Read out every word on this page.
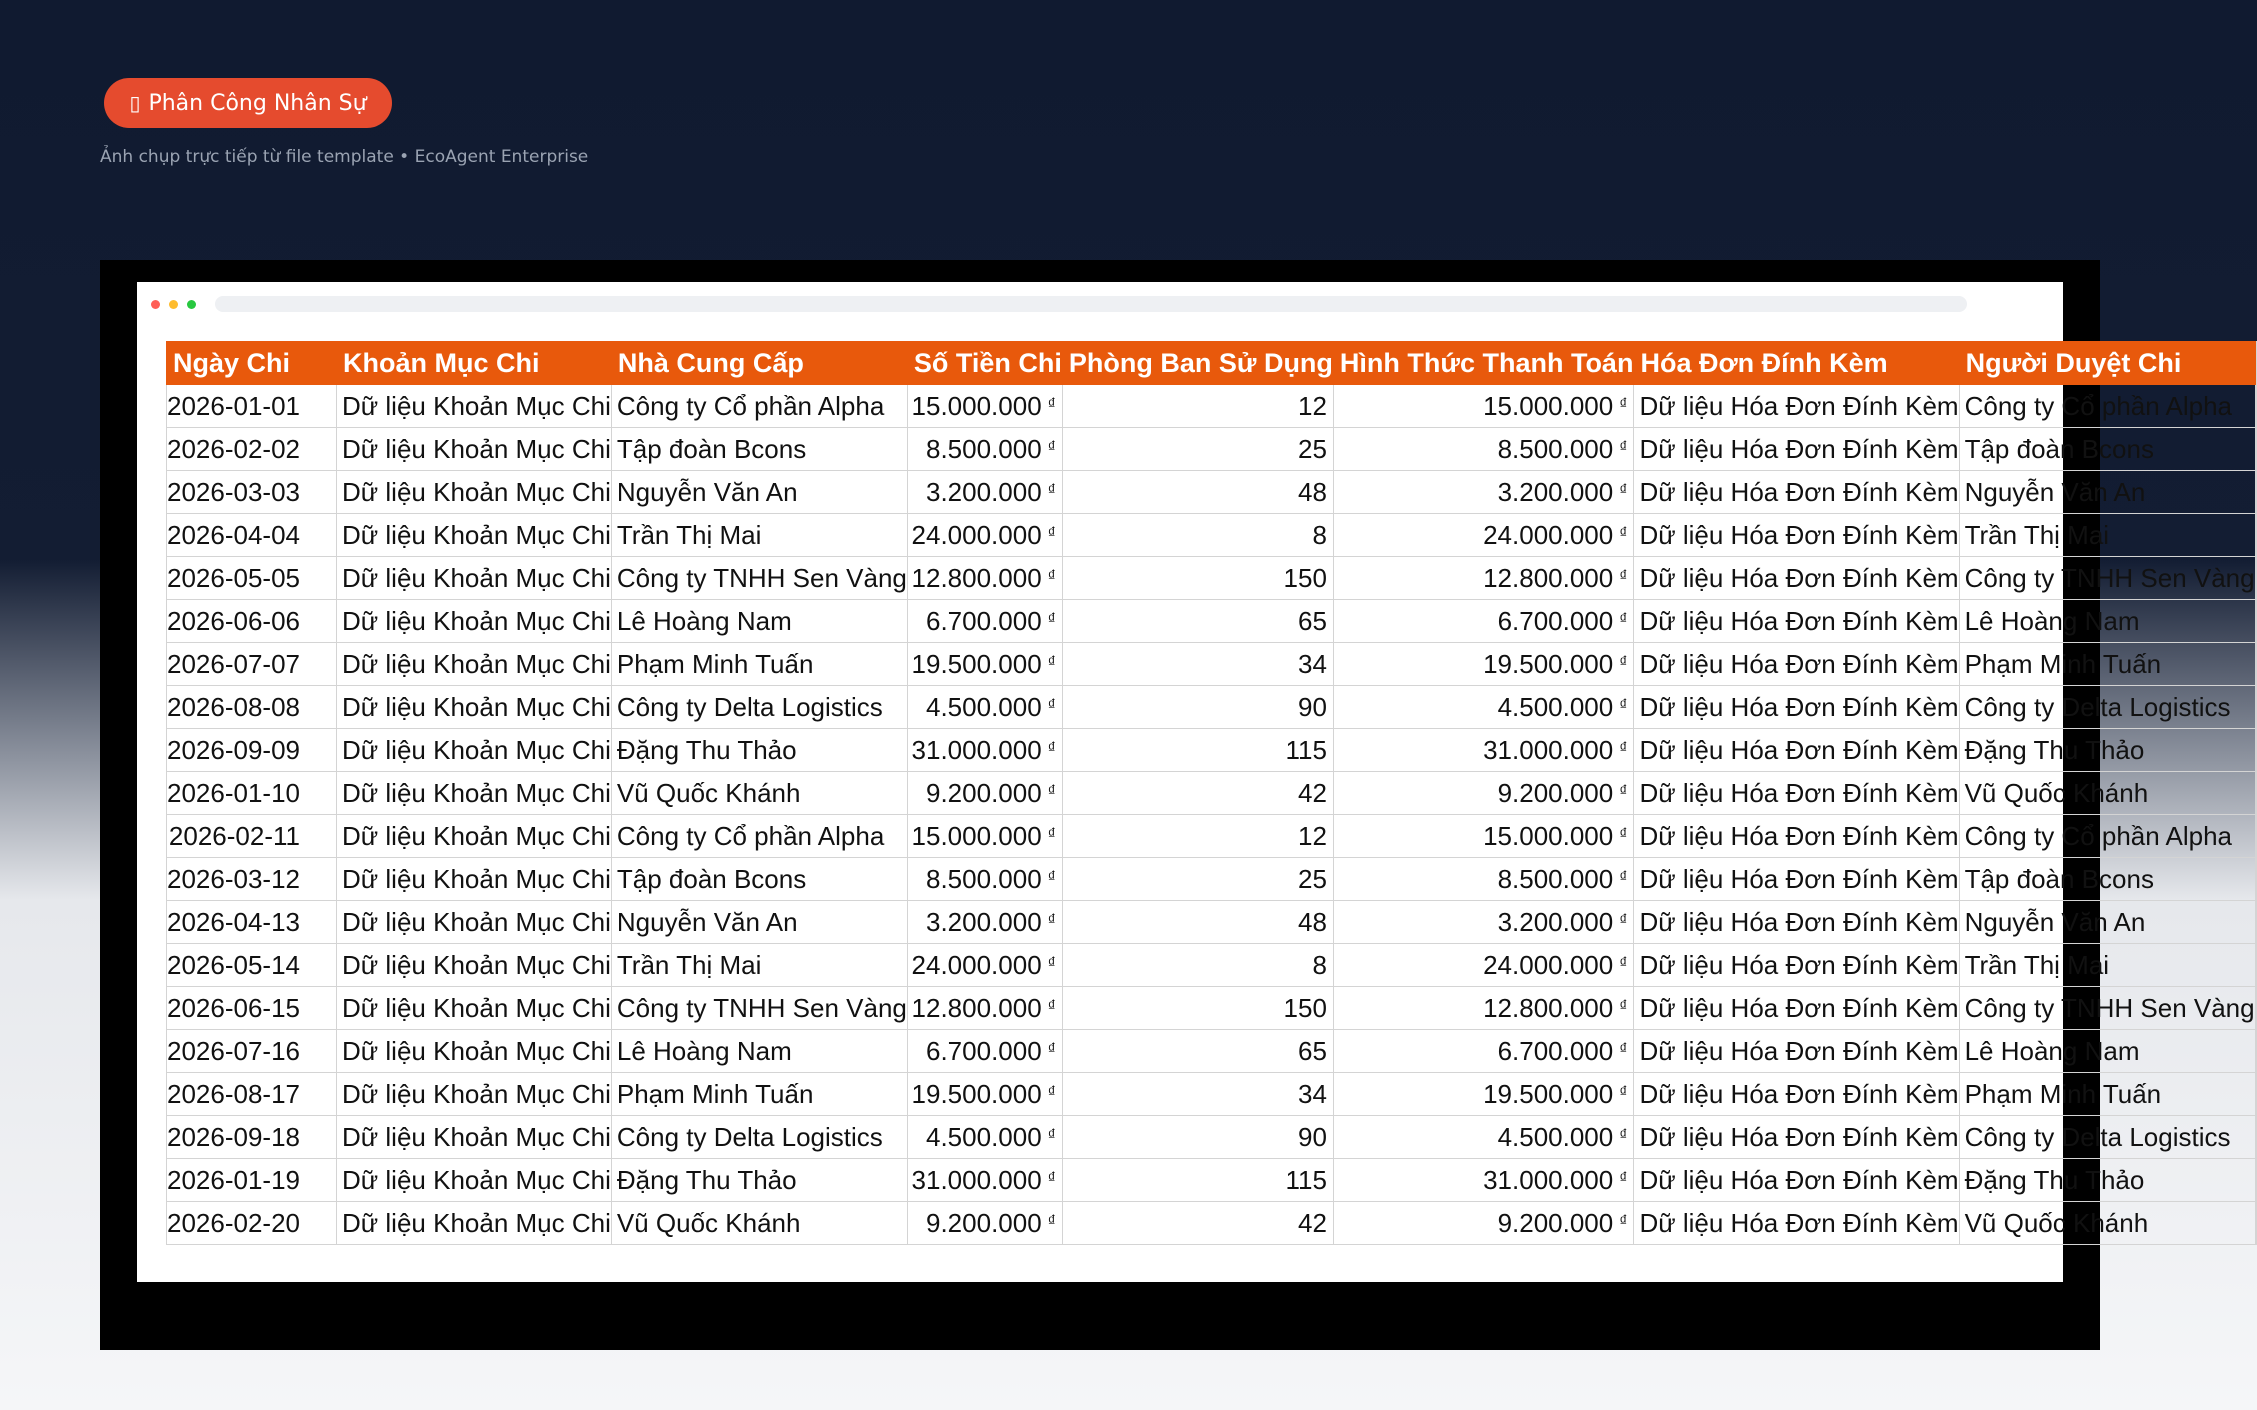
▯ Phân Công Nhân Sự
Ảnh chụp trực tiếp từ file template • EcoAgent Enterprise
Ngày Chi	Khoản Mục Chi	Nhà Cung Cấp	Số Tiền Chi	Phòng Ban Sử Dụng	Hình Thức Thanh Toán	Hóa Đơn Đính Kèm	Người Duyệt Chi	
2026-01-01	Dữ liệu Khoản Mục Chi	Công ty Cổ phần Alpha	15.000.000 ₫	12	15.000.000 ₫	Dữ liệu Hóa Đơn Đính Kèm	Công ty Cổ phần Alpha	
2026-02-02	Dữ liệu Khoản Mục Chi	Tập đoàn Bcons	8.500.000 ₫	25	8.500.000 ₫	Dữ liệu Hóa Đơn Đính Kèm	Tập đoàn Bcons	
2026-03-03	Dữ liệu Khoản Mục Chi	Nguyễn Văn An	3.200.000 ₫	48	3.200.000 ₫	Dữ liệu Hóa Đơn Đính Kèm	Nguyễn Văn An	
2026-04-04	Dữ liệu Khoản Mục Chi	Trần Thị Mai	24.000.000 ₫	8	24.000.000 ₫	Dữ liệu Hóa Đơn Đính Kèm	Trần Thị Mai	
2026-05-05	Dữ liệu Khoản Mục Chi	Công ty TNHH Sen Vàng	12.800.000 ₫	150	12.800.000 ₫	Dữ liệu Hóa Đơn Đính Kèm	Công ty TNHH Sen Vàng	
2026-06-06	Dữ liệu Khoản Mục Chi	Lê Hoàng Nam	6.700.000 ₫	65	6.700.000 ₫	Dữ liệu Hóa Đơn Đính Kèm	Lê Hoàng Nam	
2026-07-07	Dữ liệu Khoản Mục Chi	Phạm Minh Tuấn	19.500.000 ₫	34	19.500.000 ₫	Dữ liệu Hóa Đơn Đính Kèm	Phạm Minh Tuấn	
2026-08-08	Dữ liệu Khoản Mục Chi	Công ty Delta Logistics	4.500.000 ₫	90	4.500.000 ₫	Dữ liệu Hóa Đơn Đính Kèm	Công ty Delta Logistics	
2026-09-09	Dữ liệu Khoản Mục Chi	Đặng Thu Thảo	31.000.000 ₫	115	31.000.000 ₫	Dữ liệu Hóa Đơn Đính Kèm	Đặng Thu Thảo	
2026-01-10	Dữ liệu Khoản Mục Chi	Vũ Quốc Khánh	9.200.000 ₫	42	9.200.000 ₫	Dữ liệu Hóa Đơn Đính Kèm	Vũ Quốc Khánh	
2026-02-11	Dữ liệu Khoản Mục Chi	Công ty Cổ phần Alpha	15.000.000 ₫	12	15.000.000 ₫	Dữ liệu Hóa Đơn Đính Kèm	Công ty Cổ phần Alpha	
2026-03-12	Dữ liệu Khoản Mục Chi	Tập đoàn Bcons	8.500.000 ₫	25	8.500.000 ₫	Dữ liệu Hóa Đơn Đính Kèm	Tập đoàn Bcons	
2026-04-13	Dữ liệu Khoản Mục Chi	Nguyễn Văn An	3.200.000 ₫	48	3.200.000 ₫	Dữ liệu Hóa Đơn Đính Kèm	Nguyễn Văn An	
2026-05-14	Dữ liệu Khoản Mục Chi	Trần Thị Mai	24.000.000 ₫	8	24.000.000 ₫	Dữ liệu Hóa Đơn Đính Kèm	Trần Thị Mai	
2026-06-15	Dữ liệu Khoản Mục Chi	Công ty TNHH Sen Vàng	12.800.000 ₫	150	12.800.000 ₫	Dữ liệu Hóa Đơn Đính Kèm	Công ty TNHH Sen Vàng	
2026-07-16	Dữ liệu Khoản Mục Chi	Lê Hoàng Nam	6.700.000 ₫	65	6.700.000 ₫	Dữ liệu Hóa Đơn Đính Kèm	Lê Hoàng Nam	
2026-08-17	Dữ liệu Khoản Mục Chi	Phạm Minh Tuấn	19.500.000 ₫	34	19.500.000 ₫	Dữ liệu Hóa Đơn Đính Kèm	Phạm Minh Tuấn	
2026-09-18	Dữ liệu Khoản Mục Chi	Công ty Delta Logistics	4.500.000 ₫	90	4.500.000 ₫	Dữ liệu Hóa Đơn Đính Kèm	Công ty Delta Logistics	
2026-01-19	Dữ liệu Khoản Mục Chi	Đặng Thu Thảo	31.000.000 ₫	115	31.000.000 ₫	Dữ liệu Hóa Đơn Đính Kèm	Đặng Thu Thảo	
2026-02-20	Dữ liệu Khoản Mục Chi	Vũ Quốc Khánh	9.200.000 ₫	42	9.200.000 ₫	Dữ liệu Hóa Đơn Đính Kèm	Vũ Quốc Khánh	
